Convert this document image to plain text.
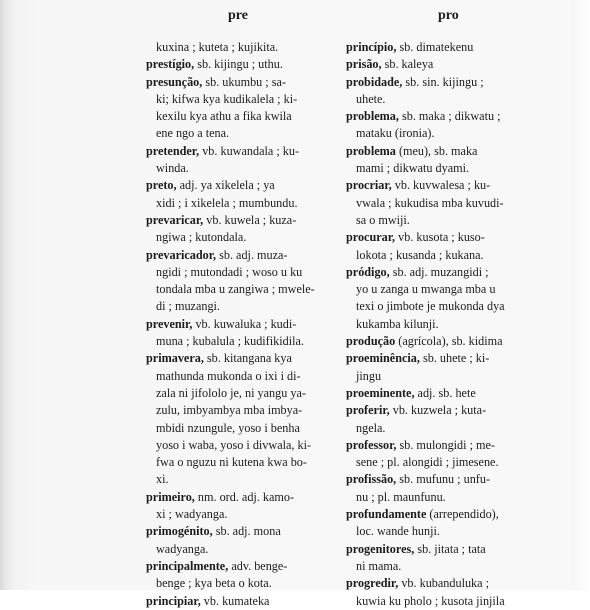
pre	pro
kuxina ; kuteta ; kujikita.
prestígio, sb. kijingu ; uthu.
presunção, sb. ukumbu ; sa-
ki; kifwa kya kudikalela ; ki-
kexilu kya athu a fika kwila
ene ngo a tena.
pretender, vb. kuwandala ; ku-
winda.
preto, adj. ya xikelela ; ya
xidi ; i xikelela ; mumbundu.
prevaricar, vb. kuwela ; kuza-
ngiwa ; kutondala.
prevaricador, sb. adj. muza-
ngidi ; mutondadi ; woso u ku
tondala mba u zangiwa ; mwele-
di ; muzangi.
prevenir, vb. kuwaluka ; kudi-
muna ; kubalula ; kudifikidila.
primavera, sb. kitangana kya
mathunda mukonda o ixi i di-
zala ni jifololo je, ni yangu ya-
zulu, imbyambya mba imbya-
mbidi nzungule, yoso i benha
yoso i waba, yoso i divwala, ki-
fwa o nguzu ni kutena kwa bo-
xi.
primeiro, nm. ord. adj. kamo-
xi ; wadyanga.
primogénito, sb. adj. mona
wadyanga.
principalmente, adv. benge-
benge ; kya beta o kota.
principiar, vb. kumateka
princípio, sb. dimatekenu
prisão, sb. kaleya
probidade, sb. sin. kijingu ;
uhete.
problema, sb. maka ; dikwatu ;
mataku (ironia).
problema (meu), sb. maka
mami ; dikwatu dyami.
procriar, vb. kuvwalesa ; ku-
vwala ; kukudisa mba kuvudi-
sa o mwiji.
procurar, vb. kusota ; kuso-
lokota ; kusanda ; kukana.
pródigo, sb. adj. muzangidi ;
yo u zanga u mwanga mba u
texi o jimbote je mukonda dya
kukamba kilunji.
produção (agrícola), sb. kidima
proeminência, sb. uhete ; ki-
jingu
proeminente, adj. sb. hete
proferir, vb. kuzwela ; kuta-
ngela.
professor, sb. mulongidi ; me-
sene ; pl. alongidi ; jimesene.
profissão, sb. mufunu ; unfu-
nu ; pl. maunfunu.
profundamente (arrependido),
loc. wande hunji.
progenitores, sb. jitata ; tata
ni mama.
progredir, vb. kubanduluka ;
kuwia ku pholo ; kusota jinjila
